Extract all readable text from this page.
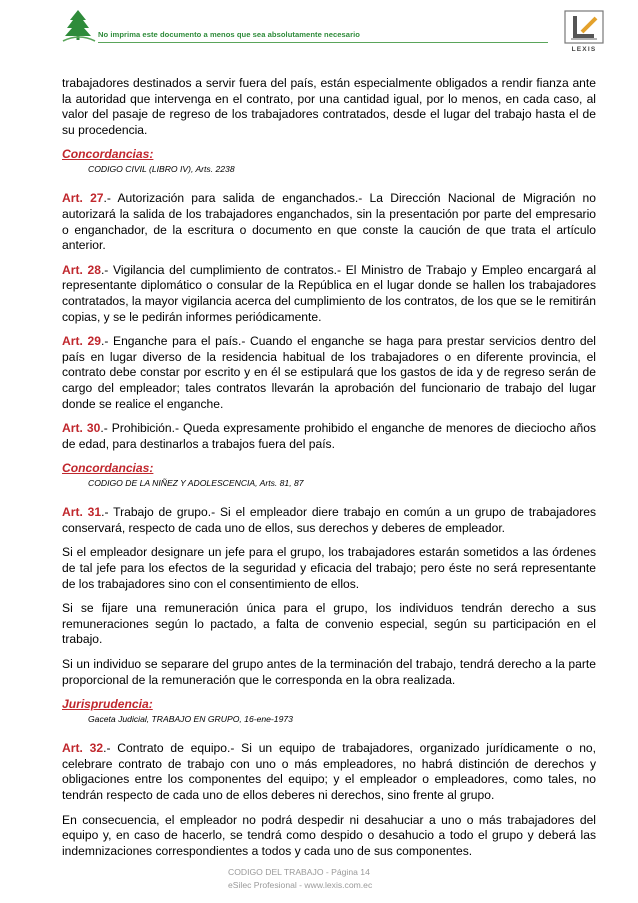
No imprima este documento a menos que sea absolutamente necesario
LEXIS

trabajadores destinados a servir fuera del país, están especialmente obligados a rendir fianza ante la autoridad que intervenga en el contrato, por una cantidad igual, por lo menos, en cada caso, al valor del pasaje de regreso de los trabajadores contratados, desde el lugar del trabajo hasta el de su procedencia.

Concordancias:
CODIGO CIVIL (LIBRO IV), Arts. 2238

Art. 27.- Autorización para salida de enganchados.- La Dirección Nacional de Migración no autorizará la salida de los trabajadores enganchados, sin la presentación por parte del empresario o enganchador, de la escritura o documento en que conste la caución de que trata el artículo anterior.

Art. 28.- Vigilancia del cumplimiento de contratos.- El Ministro de Trabajo y Empleo encargará al representante diplomático o consular de la República en el lugar donde se hallen los trabajadores contratados, la mayor vigilancia acerca del cumplimiento de los contratos, de los que se le remitirán copias, y se le pedirán informes periódicamente.

Art. 29.- Enganche para el país.- Cuando el enganche se haga para prestar servicios dentro del país en lugar diverso de la residencia habitual de los trabajadores o en diferente provincia, el contrato debe constar por escrito y en él se estipulará que los gastos de ida y de regreso serán de cargo del empleador; tales contratos llevarán la aprobación del funcionario de trabajo del lugar donde se realice el enganche.

Art. 30.- Prohibición.- Queda expresamente prohibido el enganche de menores de dieciocho años de edad, para destinarlos a trabajos fuera del país.

Concordancias:
CODIGO DE LA NIÑEZ Y ADOLESCENCIA, Arts. 81, 87

Art. 31.- Trabajo de grupo.- Si el empleador diere trabajo en común a un grupo de trabajadores conservará, respecto de cada uno de ellos, sus derechos y deberes de empleador.

Si el empleador designare un jefe para el grupo, los trabajadores estarán sometidos a las órdenes de tal jefe para los efectos de la seguridad y eficacia del trabajo; pero éste no será representante de los trabajadores sino con el consentimiento de ellos.

Si se fijare una remuneración única para el grupo, los individuos tendrán derecho a sus remuneraciones según lo pactado, a falta de convenio especial, según su participación en el trabajo.

Si un individuo se separare del grupo antes de la terminación del trabajo, tendrá derecho a la parte proporcional de la remuneración que le corresponda en la obra realizada.

Jurisprudencia:
Gaceta Judicial, TRABAJO EN GRUPO, 16-ene-1973

Art. 32.- Contrato de equipo.- Si un equipo de trabajadores, organizado jurídicamente o no, celebrare contrato de trabajo con uno o más empleadores, no habrá distinción de derechos y obligaciones entre los componentes del equipo; y el empleador o empleadores, como tales, no tendrán respecto de cada uno de ellos deberes ni derechos, sino frente al grupo.

En consecuencia, el empleador no podrá despedir ni desahuciar a uno o más trabajadores del equipo y, en caso de hacerlo, se tendrá como despido o desahucio a todo el grupo y deberá las indemnizaciones correspondientes a todos y cada uno de sus componentes.

CODIGO DEL TRABAJO - Página 14
eSilec Profesional - www.lexis.com.ec
